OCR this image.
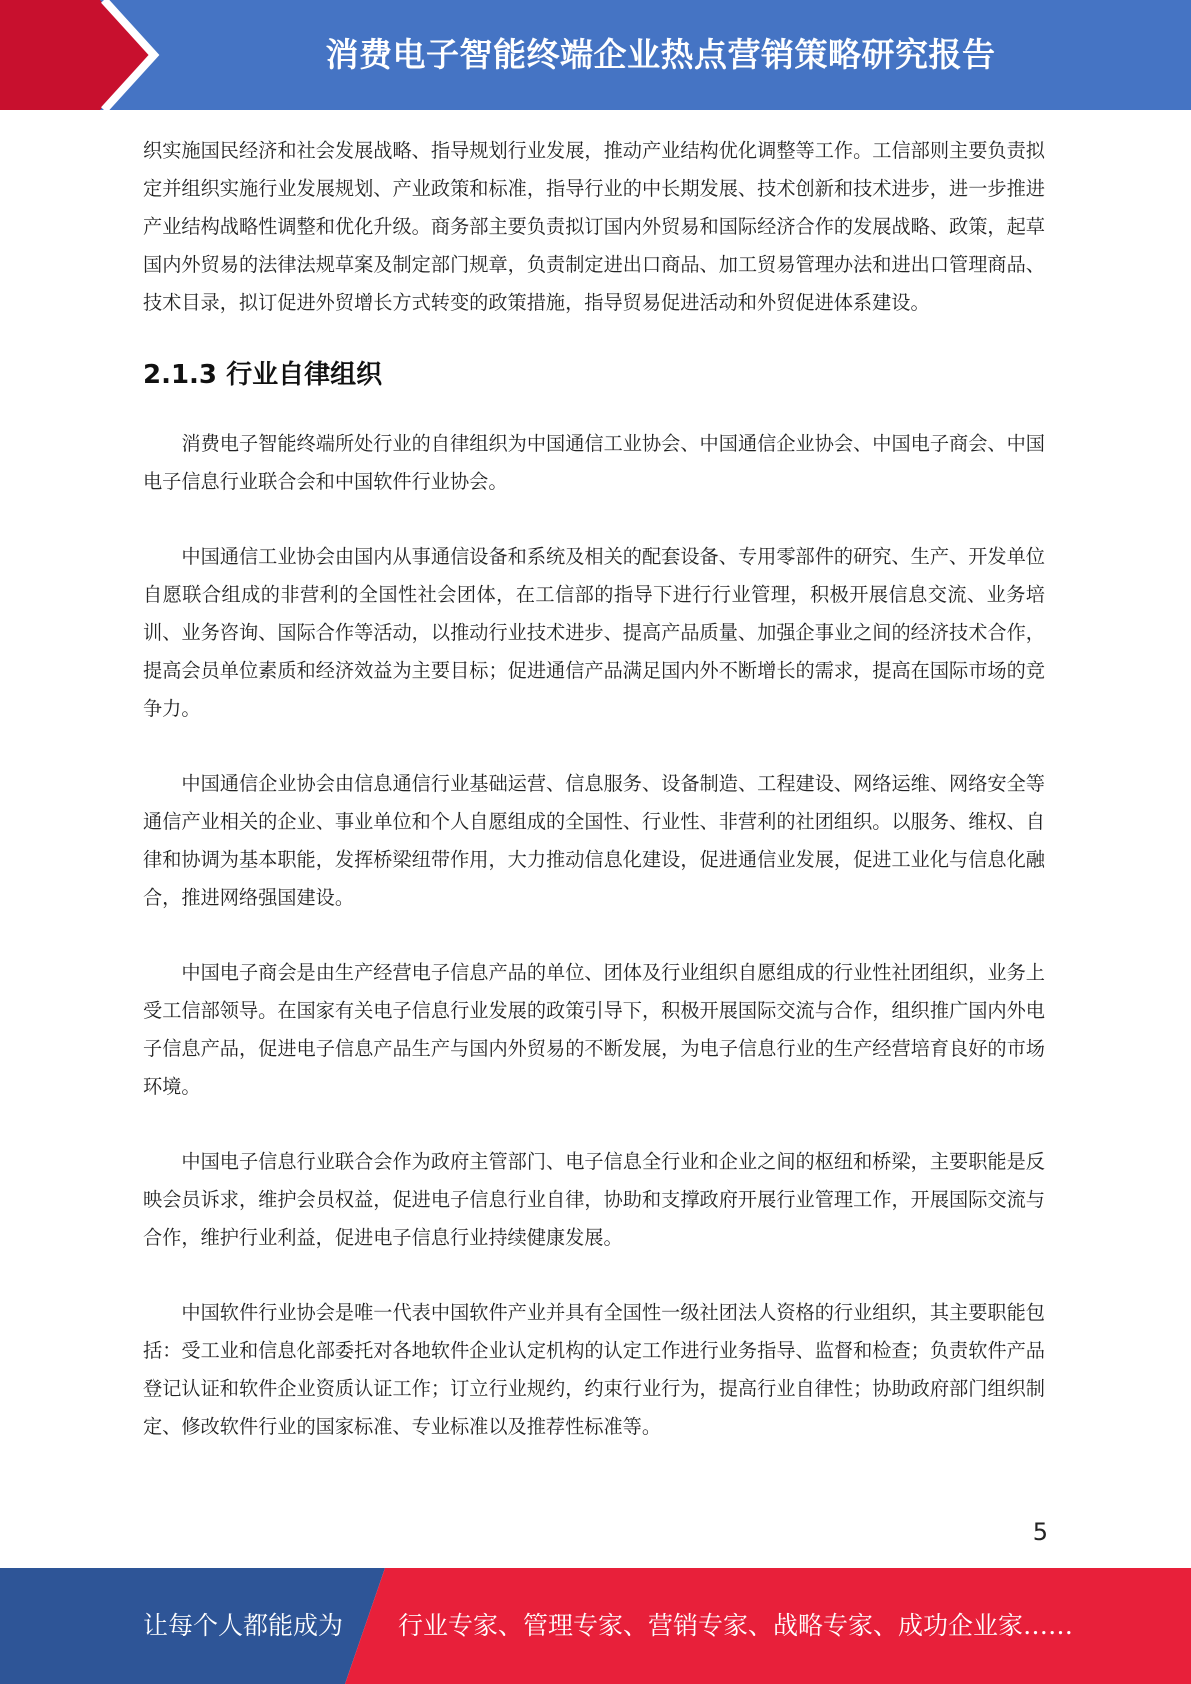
消费电子智能终端企业热点营销策略研究报告

织实施国民经济和社会发展战略、指导规划行业发展，推动产业结构优化调整等工作。工信部则主要负责拟定并组织实施行业发展规划、产业政策和标准，指导行业的中长期发展、技术创新和技术进步，进一步推进产业结构战略性调整和优化升级。商务部主要负责拟订国内外贸易和国际经济合作的发展战略、政策，起草国内外贸易的法律法规草案及制定部门规章，负责制定进出口商品、加工贸易管理办法和进出口管理商品、技术目录，拟订促进外贸增长方式转变的政策措施，指导贸易促进活动和外贸促进体系建设。

2.1.3 行业自律组织

消费电子智能终端所处行业的自律组织为中国通信工业协会、中国通信企业协会、中国电子商会、中国电子信息行业联合会和中国软件行业协会。

中国通信工业协会由国内从事通信设备和系统及相关的配套设备、专用零部件的研究、生产、开发单位自愿联合组成的非营利的全国性社会团体，在工信部的指导下进行行业管理，积极开展信息交流、业务培训、业务咨询、国际合作等活动，以推动行业技术进步、提高产品质量、加强企事业之间的经济技术合作，提高会员单位素质和经济效益为主要目标；促进通信产品满足国内外不断增长的需求，提高在国际市场的竞争力。

中国通信企业协会由信息通信行业基础运营、信息服务、设备制造、工程建设、网络运维、网络安全等通信产业相关的企业、事业单位和个人自愿组成的全国性、行业性、非营利的社团组织。以服务、维权、自律和协调为基本职能，发挥桥梁纽带作用，大力推动信息化建设，促进通信业发展，促进工业化与信息化融合，推进网络强国建设。

中国电子商会是由生产经营电子信息产品的单位、团体及行业组织自愿组成的行业性社团组织，业务上受工信部领导。在国家有关电子信息行业发展的政策引导下，积极开展国际交流与合作，组织推广国内外电子信息产品，促进电子信息产品生产与国内外贸易的不断发展，为电子信息行业的生产经营培育良好的市场环境。

中国电子信息行业联合会作为政府主管部门、电子信息全行业和企业之间的枢纽和桥梁，主要职能是反映会员诉求，维护会员权益，促进电子信息行业自律，协助和支撑政府开展行业管理工作，开展国际交流与合作，维护行业利益，促进电子信息行业持续健康发展。

中国软件行业协会是唯一代表中国软件产业并具有全国性一级社团法人资格的行业组织，其主要职能包括：受工业和信息化部委托对各地软件企业认定机构的认定工作进行业务指导、监督和检查；负责软件产品登记认证和软件企业资质认证工作；订立行业规约，约束行业行为，提高行业自律性；协助政府部门组织制定、修改软件行业的国家标准、专业标准以及推荐性标准等。

5
让每个人都能成为 行业专家、管理专家、营销专家、战略专家、成功企业家……
